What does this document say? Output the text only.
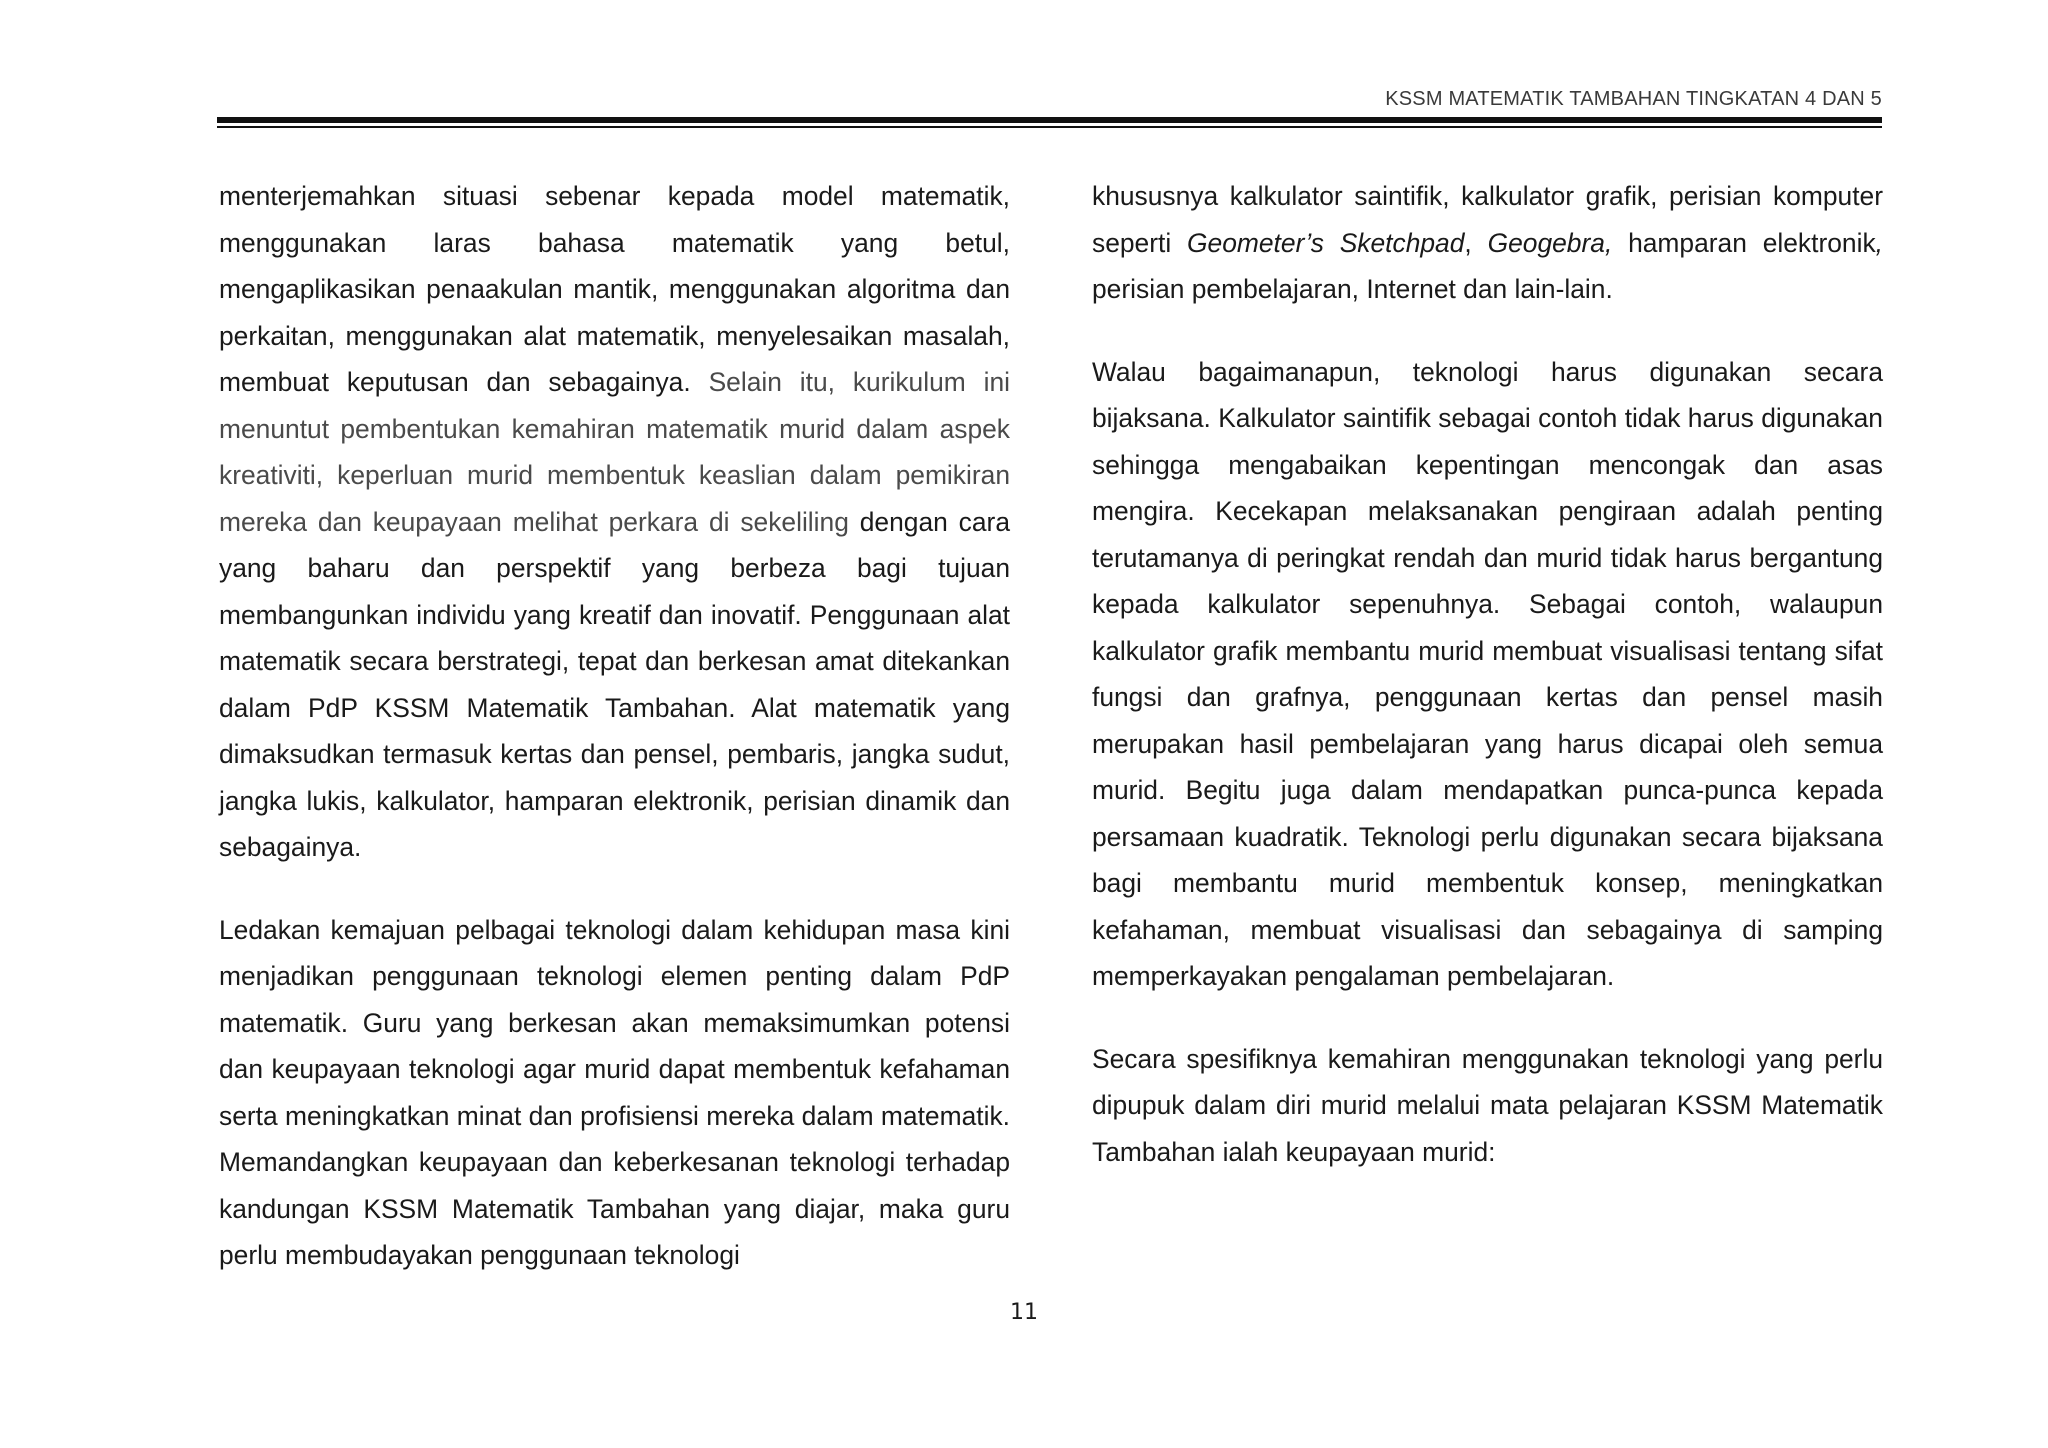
KSSM MATEMATIK TAMBAHAN TINGKATAN 4 DAN 5

menterjemahkan situasi sebenar kepada model matematik, menggunakan laras bahasa matematik yang betul, mengaplikasikan penaakulan mantik, menggunakan algoritma dan perkaitan, menggunakan alat matematik, menyelesaikan masalah, membuat keputusan dan sebagainya. Selain itu, kurikulum ini menuntut pembentukan kemahiran matematik murid dalam aspek kreativiti, keperluan murid membentuk keaslian dalam pemikiran mereka dan keupayaan melihat perkara di sekeliling dengan cara yang baharu dan perspektif yang berbeza bagi tujuan membangunkan individu yang kreatif dan inovatif. Penggunaan alat matematik secara berstrategi, tepat dan berkesan amat ditekankan dalam PdP KSSM Matematik Tambahan. Alat matematik yang dimaksudkan termasuk kertas dan pensel, pembaris, jangka sudut, jangka lukis, kalkulator, hamparan elektronik, perisian dinamik dan sebagainya.

Ledakan kemajuan pelbagai teknologi dalam kehidupan masa kini menjadikan penggunaan teknologi elemen penting dalam PdP matematik. Guru yang berkesan akan memaksimumkan potensi dan keupayaan teknologi agar murid dapat membentuk kefahaman serta meningkatkan minat dan profisiensi mereka dalam matematik. Memandangkan keupayaan dan keberkesanan teknologi terhadap kandungan KSSM Matematik Tambahan yang diajar, maka guru perlu membudayakan penggunaan teknologi

khususnya kalkulator saintifik, kalkulator grafik, perisian komputer seperti Geometer’s Sketchpad, Geogebra, hamparan elektronik, perisian pembelajaran, Internet dan lain-lain.

Walau bagaimanapun, teknologi harus digunakan secara bijaksana. Kalkulator saintifik sebagai contoh tidak harus digunakan sehingga mengabaikan kepentingan mencongak dan asas mengira. Kecekapan melaksanakan pengiraan adalah penting terutamanya di peringkat rendah dan murid tidak harus bergantung kepada kalkulator sepenuhnya. Sebagai contoh, walaupun kalkulator grafik membantu murid membuat visualisasi tentang sifat fungsi dan grafnya, penggunaan kertas dan pensel masih merupakan hasil pembelajaran yang harus dicapai oleh semua murid. Begitu juga dalam mendapatkan punca-punca kepada persamaan kuadratik. Teknologi perlu digunakan secara bijaksana bagi membantu murid membentuk konsep, meningkatkan kefahaman, membuat visualisasi dan sebagainya di samping memperkayakan pengalaman pembelajaran.

Secara spesifiknya kemahiran menggunakan teknologi yang perlu dipupuk dalam diri murid melalui mata pelajaran KSSM Matematik Tambahan ialah keupayaan murid:

11
